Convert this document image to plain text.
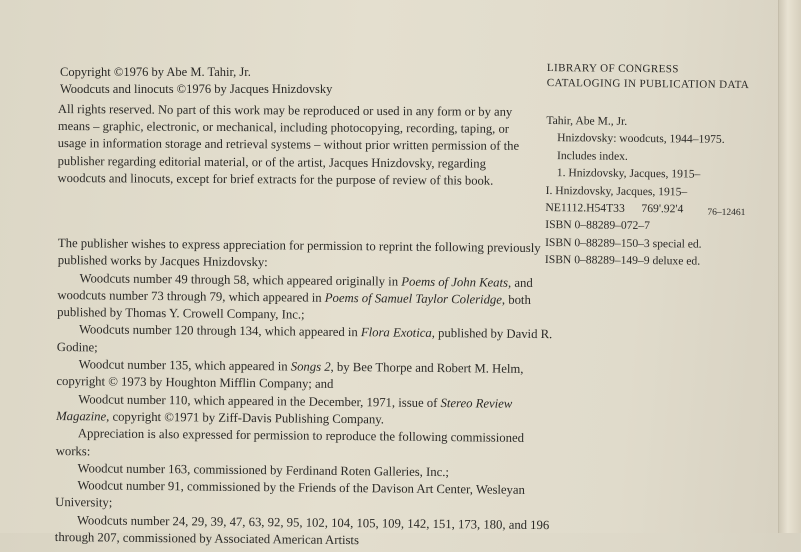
Copyright ©1976 by Abe M. Tahir, Jr.

Woodcuts and linocuts ©1976 by Jacques Hnizdovsky

All rights reserved. No part of this work may be reproduced or used in any form or by any means – graphic, electronic, or mechanical, including photocopying, recording, taping, or usage in information storage and retrieval systems – without prior written permission of the publisher regarding editorial material, or of the artist, Jacques Hnizdovsky, regarding woodcuts and linocuts, except for brief extracts for the purpose of review of this book.

The publisher wishes to express appreciation for permission to reprint the following previously published works by Jacques Hnizdovsky:

Woodcuts number 49 through 58, which appeared originally in Poems of John Keats, and woodcuts number 73 through 79, which appeared in Poems of Samuel Taylor Coleridge, both published by Thomas Y. Crowell Company, Inc.;

Woodcuts number 120 through 134, which appeared in Flora Exotica, published by David R. Godine;

Woodcut number 135, which appeared in Songs 2, by Bee Thorpe and Robert M. Helm, copyright © 1973 by Houghton Mifflin Company; and

Woodcut number 110, which appeared in the December, 1971, issue of Stereo Review Magazine, copyright ©1971 by Ziff-Davis Publishing Company.

Appreciation is also expressed for permission to reproduce the following commissioned works:

Woodcut number 163, commissioned by Ferdinand Roten Galleries, Inc.;

Woodcut number 91, commissioned by the Friends of the Davison Art Center, Wesleyan University;

Woodcuts number 24, 29, 39, 47, 63, 92, 95, 102, 104, 105, 109, 142, 151, 173, 180, and 196 through 207, commissioned by Associated American Artists

LIBRARY OF CONGRESS

CATALOGING IN PUBLICATION DATA

Tahir, Abe M., Jr.

Hnizdovsky: woodcuts, 1944–1975.

Includes index.

1. Hnizdovsky, Jacques, 1915–

I. Hnizdovsky, Jacques, 1915–

NE1112.H54T33 769'.92'4	76–12461

ISBN 0–88289–072–7

ISBN 0–88289–150–3 special ed.

ISBN 0–88289–149–9 deluxe ed.
